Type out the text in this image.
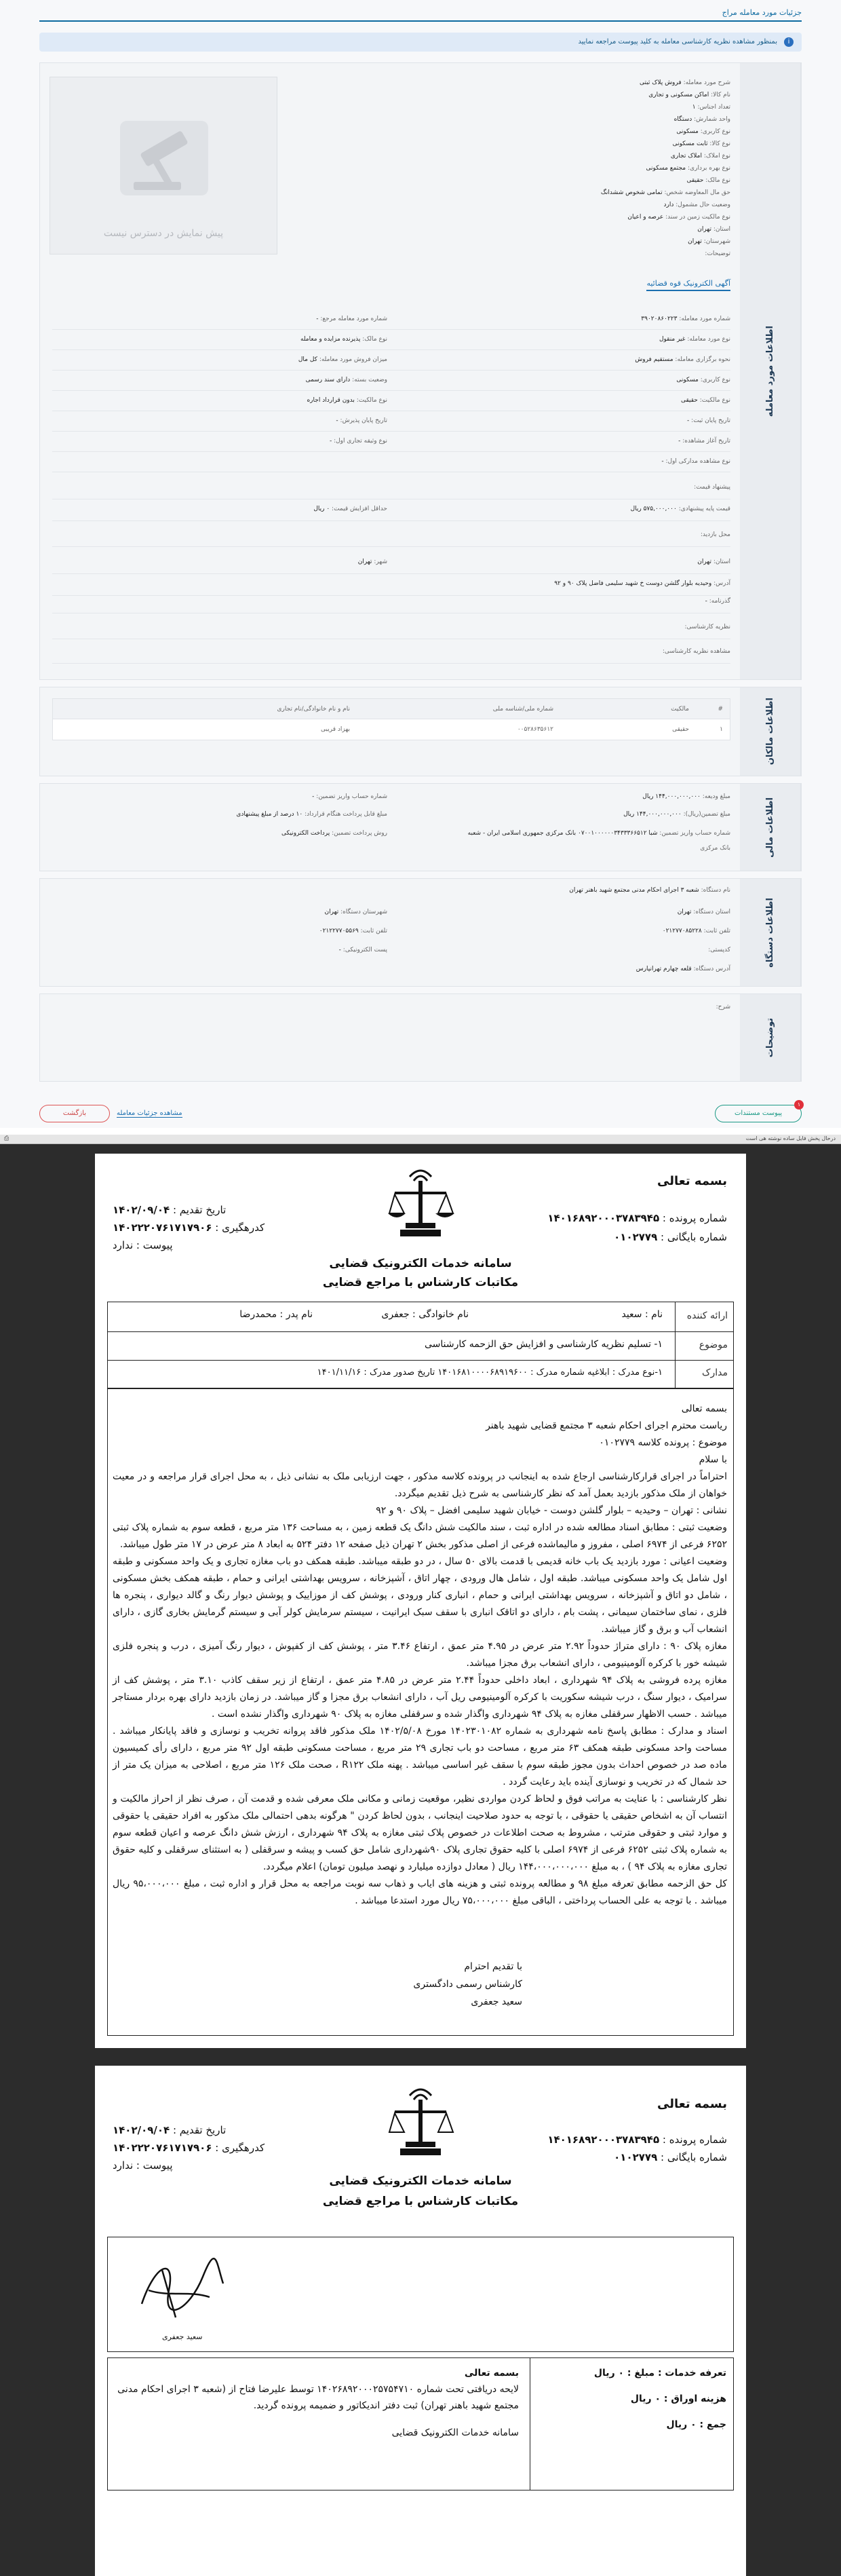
جزئیات مورد معامله مراج
i
بمنظور مشاهده نظریه کارشناسی معامله به کلید پیوست مراجعه نمایید
اطلاعات مورد معامله
پیش نمایش در دسترس نیست
شرح مورد معامله: فروش پلاک ثبتی
نام کالا: اماکن مسکونی و تجاری
تعداد اجناس: ۱
واحد شمارش: دستگاه
نوع کاربری: مسکونی
نوع کالا: ثابت مسکونی
نوع املاک: املاک تجاری
نوع بهره برداری: مجتمع مسکونی
نوع مالک: حقیقی
حق مال المعاوضه شخص: تمامی شخوص ششدانگ
وضعیت حال مشمول: دارد
نوع مالکیت زمین در سند: عرصه و اعیان
استان: تهران
شهرستان: تهران
توضیحات:
آگهی الکترونیک قوه قضائیه
شماره مورد معامله: ۳۹۰۲۰۸۶۰۲۲۳
نوع مورد معامله: غیر منقول
نحوه برگزاری معامله: مستقیم فروش
نوع کاربری: مسکونی
نوع مالکیت: حقیقی
تاریخ پایان ثبت: -
تاریخ آغاز مشاهده: -
نوع مشاهده مدارکی اول: -
شماره مورد معامله مرجع: -
نوع مالک: پذیرنده مزایده و معامله
میزان فروش مورد معامله: کل مال
وضعیت بسته: دارای سند رسمی
نوع مالکیت: بدون قرارداد اجاره
تاریخ پایان پذیرش: -
نوع وثیقه تجاری اول: -
پیشنهاد قیمت:
قیمت پایه پیشنهادی: ۵۷۵,۰۰۰,۰۰۰ ریال
حداقل افزایش قیمت: ۰ ریال
محل بازدید:
استان: تهران
شهر: تهران
آدرس: وحیدیه بلوار گلشن دوست خ شهید سلیمی فاضل پلاک ۹۰ و ۹۲
گذرنامه: -
نظریه کارشناسی:
مشاهده نظریه کارشناسی:
اطلاعات مالکان
#
مالکیت
شماره ملی/شناسه ملی
نام و نام خانوادگی/نام تجاری
۱
حقیقی
۰۰۵۲۸۶۳۵۶۱۲
بهزاد قریبی
اطلاعات مالی
مبلغ ودیعه: ۱۴۴,۰۰۰,۰۰۰,۰۰۰ ریال
شماره حساب واریز تضمین: -
مبلغ تضمین(ریال): ۱۴۴,۰۰۰,۰۰۰,۰۰۰ ریال
مبلغ قابل پرداخت هنگام قرارداد: ۱۰ درصد از مبلغ پیشنهادی
شماره حساب واریز تضمین: شبا ۰۷۰۰۱۰۰۰۰۰۰۳۴۳۳۳۶۶۵۱۲ بانک مرکزی جمهوری اسلامی ایران - شعبه
روش پرداخت تضمین: پرداخت الکترونیکی
بانک مرکزی
اطلاعات دستگاه
نام دستگاه: شعبه ۳ اجرای احکام مدنی مجتمع شهید باهنر تهران
استان دستگاه: تهران
شهرستان دستگاه: تهران
تلفن ثابت: ۰۲۱۲۷۷۰۸۵۲۲۸
تلفن ثابت: ۰۲۱۲۲۷۷۰۵۵۶۹
کدپستی:
پست الکترونیکی: -
آدرس دستگاه: قلعه چهارم تهرانپارس
توضیحات
شرح:
پیوست مستندات
۱
مشاهده جزئیات معامله
بازگشت
درحال پخش فایل ساده نوشته هی است
⎙
بسمه تعالی
شماره پرونده : ۱۴۰۱۶۸۹۲۰۰۰۳۷۸۳۹۴۵
شماره بایگانی : ۰۱۰۲۷۷۹
تاریخ تقدیم : ۱۴۰۲/۰۹/۰۴
کدرهگیری : ۱۴۰۲۲۲۰۷۶۱۷۱۷۹۰۶
پیوست : ندارد
سامانه خدمات الکترونیک قضایی
مکاتبات کارشناس با مراجع قضایی
ارائه کننده
نام : سعید
نام خانوادگی : جعفری
نام پدر : محمدرضا
موضوع
۱- تسلیم نظریه کارشناسی و افزایش حق الزحمه کارشناسی
مدارک
۱-نوع مدرک : ابلاغیه شماره مدرک : ۱۴۰۱۶۸۱۰۰۰۰۶۸۹۱۹۶۰۰ تاریخ صدور مدرک : ۱۴۰۱/۱۱/۱۶
بسمه تعالی
ریاست محترم اجرای احکام شعبه ۳ مجتمع قضایی شهید باهنر
موضوع : پرونده کلاسه ۰۱۰۲۷۷۹
با سلام
احتراماً در اجرای قرارکارشناسی ارجاع شده به اینجانب در پرونده کلاسه مذکور ، جهت ارزیابی ملک به نشانی ذیل ، به محل اجرای قرار مراجعه و در معیت خواهان از ملک مذکور بازدید بعمل آمد که نظر کارشناسی به شرح ذیل تقدیم میگردد.
نشانی : تهران – وحیدیه – بلوار گلشن دوست - خیابان شهید سلیمی افضل – پلاک ۹۰ و ۹۲
وضعیت ثبتی : مطابق اسناد مطالعه شده در اداره ثبت ، سند مالکیت شش دانگ یک قطعه زمین ، به مساحت ۱۳۶ متر مربع ، قطعه سوم به شماره پلاک ثبتی ۶۲۵۲ فرعی از ۶۹۷۴ اصلی ، مفروز و مالیماشده فرعی از اصلی مذکور بخش ۲ تهران ذیل صفحه ۱۲ دفتر ۵۲۴ به ابعاد ۸ متر عرض در ۱۷ متر طول میباشد.
وضعیت اعیانی : مورد بازدید یک باب خانه قدیمی با قدمت بالای ۵۰ سال ، در دو طبقه میباشد. طبقه همکف دو باب مغازه تجاری و یک واحد مسکونی و طبقه اول شامل یک واحد مسکونی میباشد. طبقه اول ، شامل هال ورودی ، چهار اتاق ، آشپزخانه ، سرویس بهداشتی ایرانی و حمام ، طبقه همکف بخش مسکونی ، شامل دو اتاق و آشپزخانه ، سرویس بهداشتی ایرانی و حمام ، انباری کنار ورودی ، پوشش کف از موزاییک و پوشش دیوار رنگ و گالد دیواری ، پنجره ها فلزی ، نمای ساختمان سیمانی ، پشت بام ، دارای دو اتاقک انباری با سقف سبک ایرانیت ، سیستم سرمایش کولر آبی و سیستم گرمایش بخاری گازی ، دارای انشعاب آب و برق و گاز میباشد.
مغازه پلاک ۹۰ : دارای متراژ حدوداً ۲.۹۲ متر عرض در ۴.۹۵ متر عمق ، ارتفاع ۳.۴۶ متر ، پوشش کف از کفپوش ، دیوار رنگ آمیزی ، درب و پنجره فلزی شیشه خور با کرکره آلومینیومی ، دارای انشعاب برق مجزا میباشد.
مغازه پرده فروشی به پلاک ۹۴ شهرداری ، ابعاد داخلی حدوداً ۲.۴۴ متر عرض در ۴.۸۵ متر عمق ، ارتفاع از زیر سقف کاذب ۳.۱۰ متر ، پوشش کف از سرامیک ، دیوار سنگ ، درب شیشه سکوریت با کرکره آلومینیومی ریل آب ، دارای انشعاب برق مجزا و گاز میباشد. در زمان بازدید دارای بهره بردار مستاجر میباشد . حسب الاظهار سرقفلی مغازه به پلاک ۹۴ شهرداری واگذار شده و سرقفلی مغازه به پلاک ۹۰ شهرداری واگذار نشده است .
اسناد و مدارک : مطابق پاسخ نامه شهرداری به شماره ۱۴۰۲۳۰۱۰۸۲ مورخ ۱۴۰۲/۵/۰۸ ملک مذکور فاقد پروانه تخریب و نوسازی و فاقد پایانکار میباشد . مساحت واحد مسکونی طبقه همکف ۶۳ متر مربع ، مساحت دو باب تجاری ۲۹ متر مربع ، مساحت مسکونی طبقه اول ۹۲ متر مربع ، دارای رأی کمیسیون ماده صد در خصوص احداث بدون مجوز طبقه سوم با سقف غیر اساسی میباشد . پهنه ملک R۱۲۲ ، صحت ملک ۱۲۶ متر مربع ، اصلاحی به میزان یک متر از حد شمال که در تخریب و نوسازی آینده باید رعایت گردد .
نظر کارشناسی : با عنایت به مراتب فوق و لحاظ کردن مواردی نظیر، موقعیت زمانی و مکانی ملک معرفی شده و قدمت آن ، صرف نظر از احراز مالکیت و انتساب آن به اشخاص حقیقی یا حقوقی ، با توجه به حدود صلاحیت اینجانب ، بدون لحاظ کردن " هرگونه بدهی احتمالی ملک مذکور به افراد حقیقی یا حقوقی و موارد ثبتی و حقوقی مترتب ، مشروط به صحت اطلاعات در خصوص پلاک ثبتی مغازه به پلاک ۹۴ شهرداری ، ارزش شش دانگ عرصه و اعیان قطعه سوم به شماره پلاک ثبتی ۶۲۵۲ فرعی از ۶۹۷۴ اصلی با کلیه حقوق تجاری پلاک ۹۰شهرداری شامل حق کسب و پیشه و سرقفلی ( به استثنای سرقفلی و کلیه حقوق تجاری مغازه به پلاک ۹۴ ) ، به مبلغ ۱۴۴،۰۰۰،۰۰۰،۰۰۰ ریال ( معادل دوازده میلیارد و نهصد میلیون تومان) اعلام میگردد.
کل حق الزحمه مطابق تعرفه مبلغ ۹۸ و مطالعه پرونده ثبتی و هزینه های ایاب و ذهاب سه نوبت مراجعه به محل قرار و اداره ثبت ، مبلغ ۹۵،۰۰۰،۰۰۰ ریال میباشد . با توجه به علی الحساب پرداختی ، الباقی مبلغ ۷۵،۰۰۰،۰۰۰ ریال مورد استدعا میباشد .
با تقدیم احترام
کارشناس رسمی دادگستری
سعید جعفری
بسمه تعالی
شماره پرونده : ۱۴۰۱۶۸۹۲۰۰۰۳۷۸۳۹۴۵
شماره بایگانی : ۰۱۰۲۷۷۹
تاریخ تقدیم : ۱۴۰۲/۰۹/۰۴
کدرهگیری : ۱۴۰۲۲۲۰۷۶۱۷۱۷۹۰۶
پیوست : ندارد
سامانه خدمات الکترونیک قضایی
مکاتبات کارشناس با مراجع قضایی
سعید جعفری
تعرفه خدمات : مبلغ : ۰ ریال
هزینه اوراق : ۰ ریال
جمع : ۰ ریال
بسمه تعالی
لایحه دریافتی تحت شماره ۱۴۰۲۶۸۹۲۰۰۰۲۵۷۵۴۷۱۰ توسط علیرضا فتاح از (شعبه ۳ اجرای احکام مدنی مجتمع شهید باهنر تهران) ثبت دفتر اندیکاتور و ضمیمه پرونده گردید.
سامانه خدمات الکترونیک قضایی
